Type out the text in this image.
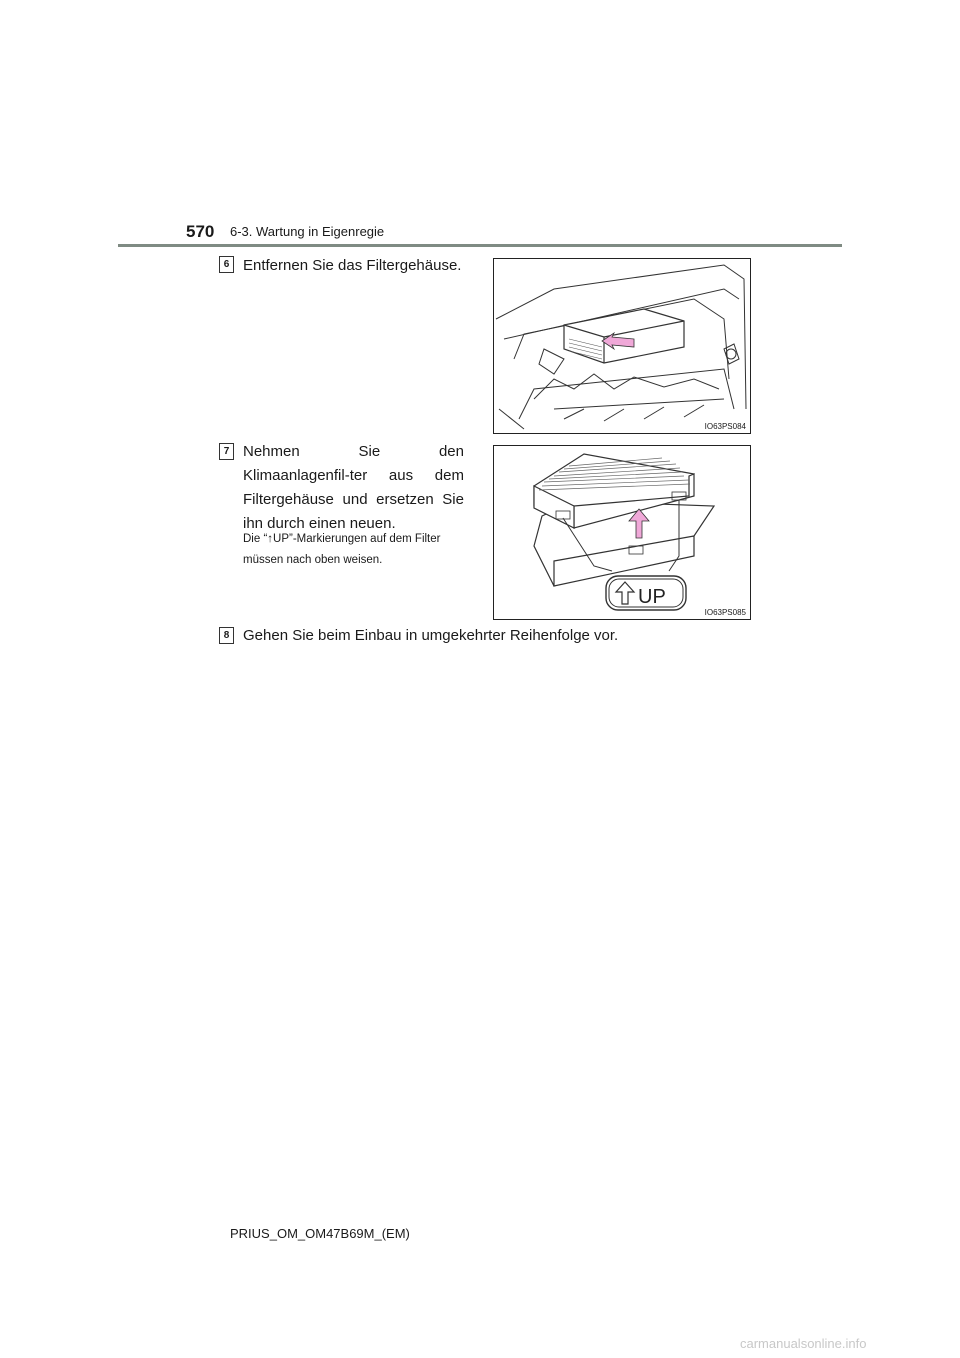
570 6-3. Wartung in Eigenregie
6 Entfernen Sie das Filtergehäuse.
IO63PS084
7 Nehmen Sie den Klimaanlagenfil-ter aus dem Filtergehäuse und ersetzen Sie ihn durch einen neuen.
Die “↑UP”-Markierungen auf dem Filter müssen nach oben weisen.
UP
IO63PS085
8 Gehen Sie beim Einbau in umgekehrter Reihenfolge vor.
PRIUS_OM_OM47B69M_(EM)
carmanualsonline.info
